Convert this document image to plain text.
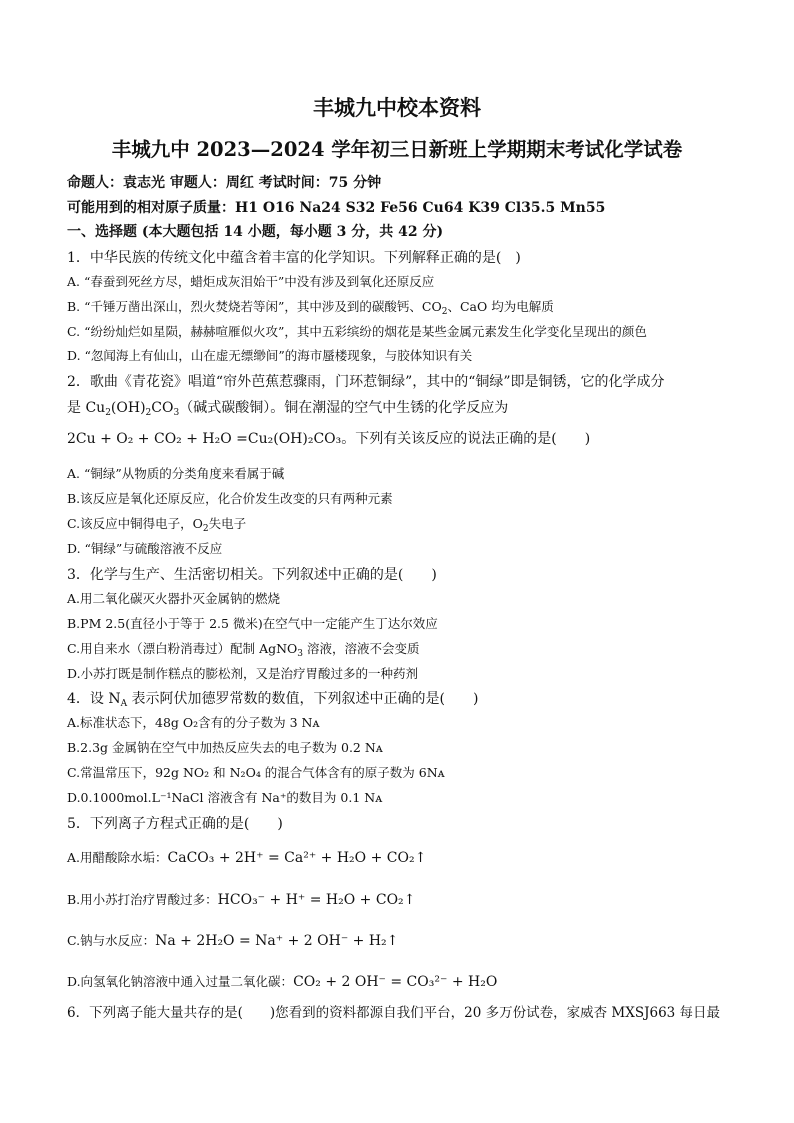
丰城九中校本资料
丰城九中 2023—2024 学年初三日新班上学期期末考试化学试卷
命题人：袁志光 审题人：周红 考试时间：75 分钟
可能用到的相对原子质量：H1 O16 Na24 S32 Fe56 Cu64 K39 Cl35.5 Mn55
一、选择题 (本大题包括 14 小题，每小题 3 分，共 42 分)
1．中华民族的传统文化中蕴含着丰富的化学知识。下列解释正确的是(　)
A. “春蚕到死丝方尽，蜡炬成灰泪始干”中没有涉及到氧化还原反应
B. “千锤万凿出深山，烈火焚烧若等闲”，其中涉及到的碳酸钙、$CO_2$、CaO 均为电解质
C. “纷纷灿烂如星陨，赫赫喧雁似火攻”，其中五彩缤纷的烟花是某些金属元素发生化学变化呈现出的颜色
D. “忽闻海上有仙山，山在虚无缥缈间”的海市蜃楼现象，与胶体知识有关
2．歌曲《青花瓷》唱道“帘外芭蕉惹骤雨，门环惹铜绿”，其中的“铜绿”即是铜锈，它的化学成分
是 $Cu_2(OH)_2CO_3$（碱式碳酸铜）。铜在潮湿的空气中生锈的化学反应为
2Cu + O₂ + CO₂ + H₂O =Cu₂(OH)₂CO₃。下列有关该反应的说法正确的是(　　)
A. “铜绿”从物质的分类角度来看属于碱
B.该反应是氧化还原反应，化合价发生改变的只有两种元素
C.该反应中铜得电子，$O_2$失电子
D. “铜绿”与硫酸溶液不反应
3．化学与生产、生活密切相关。下列叙述中正确的是(　　)
A.用二氧化碳灭火器扑灭金属钠的燃烧
B.PM 2.5(直径小于等于 2.5 微米)在空气中一定能产生丁达尔效应
C.用自来水（漂白粉消毒过）配制 AgNO$_3$ 溶液，溶液不会变质
D.小苏打既是制作糕点的膨松剂，又是治疗胃酸过多的一种药剂
4．设 $N_A$ 表示阿伏加德罗常数的数值，下列叙述中正确的是(　　)
A.标准状态下，48g O₂含有的分子数为 3 Nᴀ
B.2.3g 金属钠在空气中加热反应失去的电子数为 0.2 Nᴀ
C.常温常压下，92g NO₂ 和 N₂O₄ 的混合气体含有的原子数为 6Nᴀ
D.0.1000mol.L⁻¹NaCl 溶液含有 Na⁺的数目为 0.1 Nᴀ
5．下列离子方程式正确的是(　　)
A.用醋酸除水垢：CaCO₃ + 2H⁺ = Ca²⁺ + H₂O + CO₂↑
B.用小苏打治疗胃酸过多：HCO₃⁻ + H⁺ = H₂O + CO₂↑
C.钠与水反应：Na + 2H₂O = Na⁺ + 2 OH⁻ + H₂↑
D.向氢氧化钠溶液中通入过量二氧化碳：CO₂ + 2 OH⁻ = CO₃²⁻ + H₂O
6．下列离子能大量共存的是(　　)您看到的资料都源自我们平台，20 多万份试卷，家威杏 MXSJ663 每日最
